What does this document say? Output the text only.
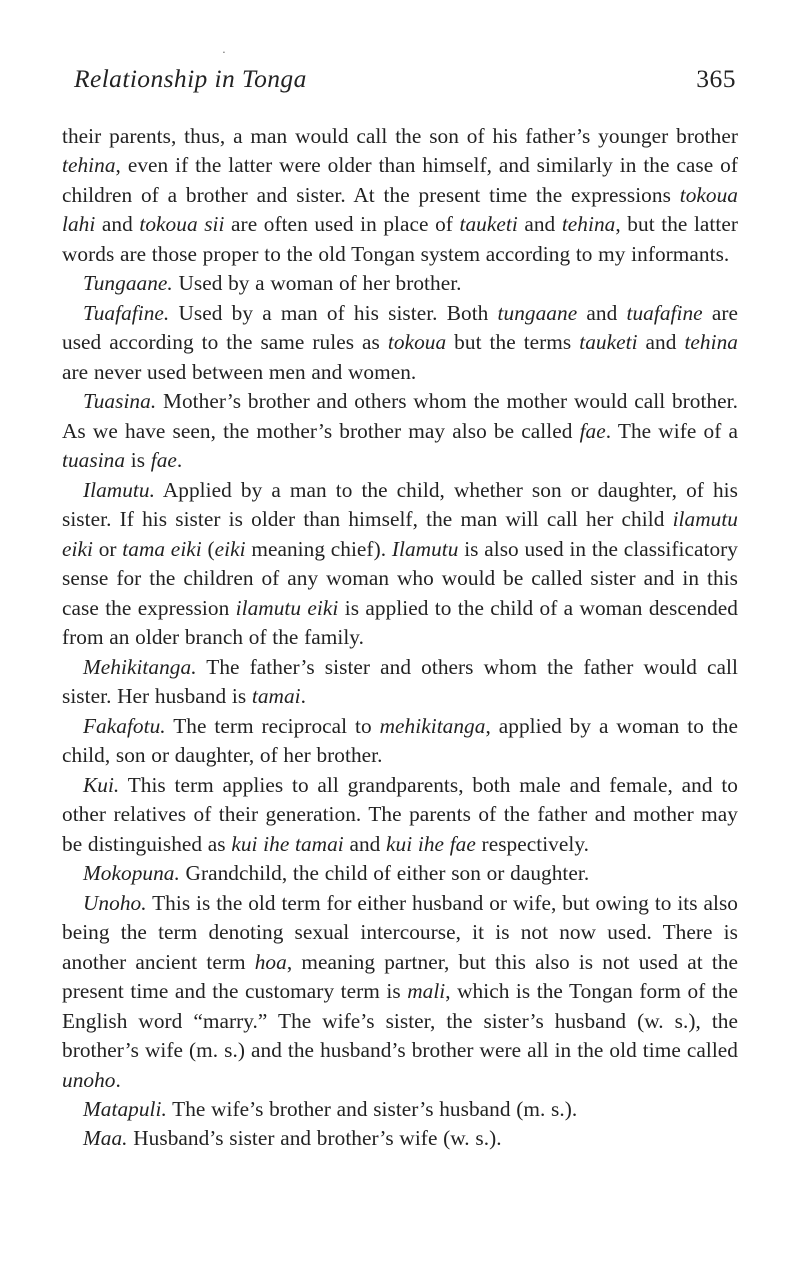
ᐧ
Relationship in Tonga	365

their parents, thus, a man would call the son of his father’s younger brother tehina, even if the latter were older than himself, and similarly in the case of children of a brother and sister. At the present time the expressions tokoua lahi and tokoua sii are often used in place of tauketi and tehina, but the latter words are those proper to the old Tongan system according to my informants.

Tungaane. Used by a woman of her brother.

Tuafafine. Used by a man of his sister. Both tungaane and tuafafine are used according to the same rules as tokoua but the terms tauketi and tehina are never used between men and women.

Tuasina. Mother’s brother and others whom the mother would call brother. As we have seen, the mother’s brother may also be called fae. The wife of a tuasina is fae.

Ilamutu. Applied by a man to the child, whether son or daughter, of his sister. If his sister is older than himself, the man will call her child ilamutu eiki or tama eiki (eiki meaning chief). Ilamutu is also used in the classificatory sense for the children of any woman who would be called sister and in this case the expression ilamutu eiki is applied to the child of a woman descended from an older branch of the family.

Mehikitanga. The father’s sister and others whom the father would call sister. Her husband is tamai.

Fakafotu. The term reciprocal to mehikitanga, applied by a woman to the child, son or daughter, of her brother.

Kui. This term applies to all grandparents, both male and female, and to other relatives of their generation. The parents of the father and mother may be distinguished as kui ihe tamai and kui ihe fae respectively.

Mokopuna. Grandchild, the child of either son or daughter.

Unoho. This is the old term for either husband or wife, but owing to its also being the term denoting sexual intercourse, it is not now used. There is another ancient term hoa, meaning partner, but this also is not used at the present time and the customary term is mali, which is the Tongan form of the English word “marry.” The wife’s sister, the sister’s husband (w. s.), the brother’s wife (m. s.) and the husband’s brother were all in the old time called unoho.

Matapuli. The wife’s brother and sister’s husband (m. s.).

Maa. Husband’s sister and brother’s wife (w. s.).
